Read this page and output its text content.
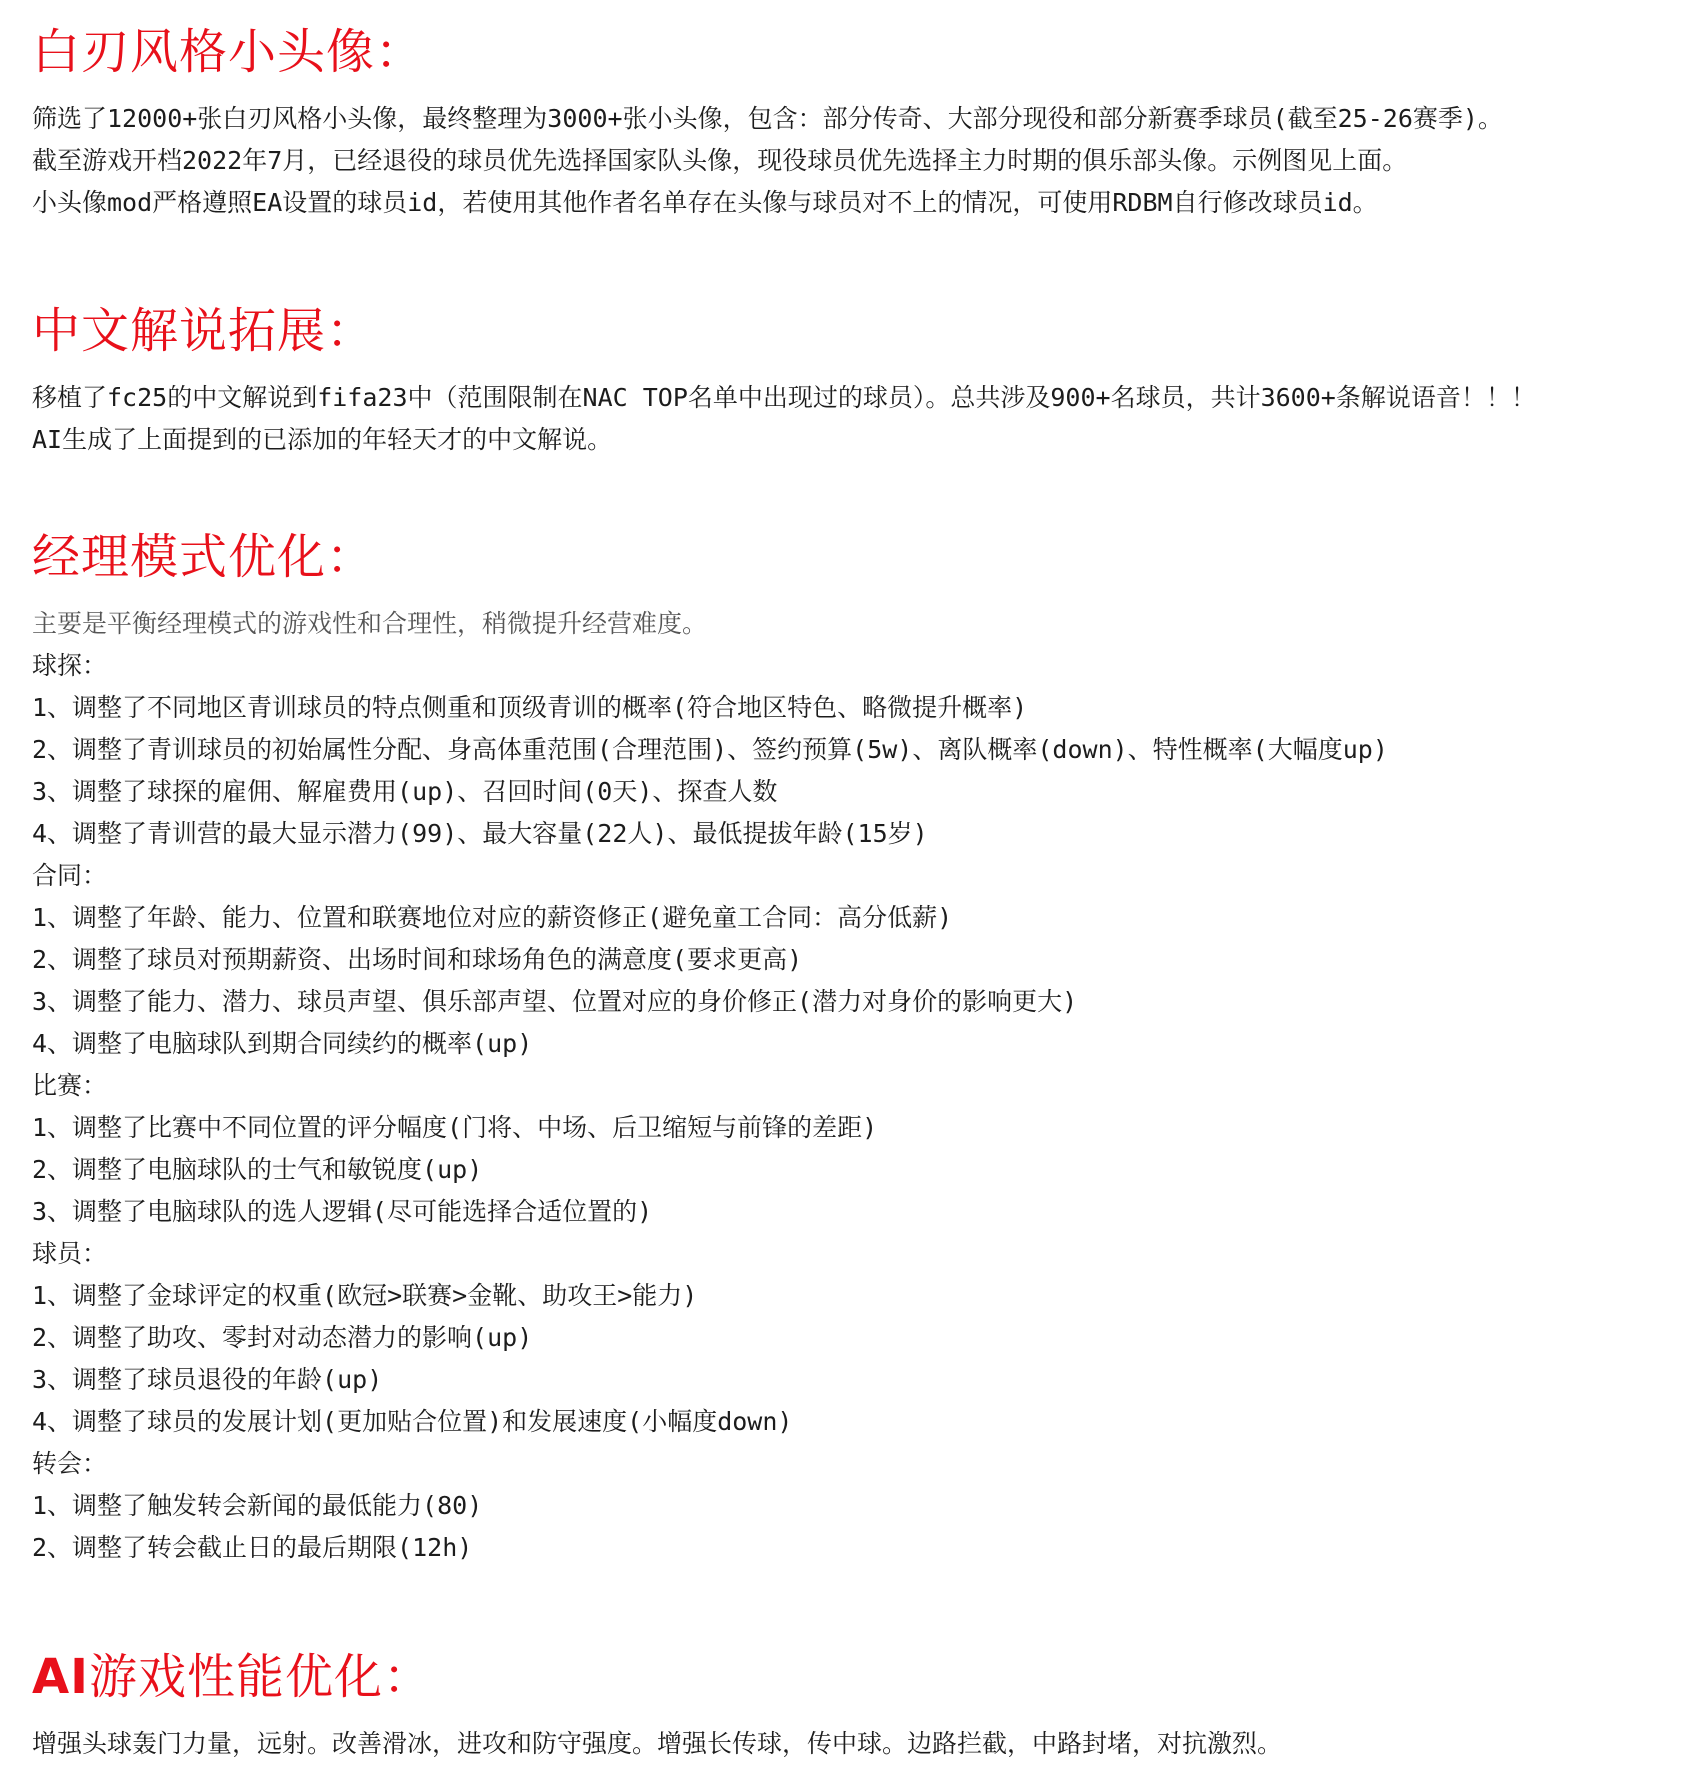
白刃风格小头像：
筛选了12000+张白刃风格小头像，最终整理为3000+张小头像，包含：部分传奇、大部分现役和部分新赛季球员(截至25-26赛季)。
截至游戏开档2022年7月，已经退役的球员优先选择国家队头像，现役球员优先选择主力时期的俱乐部头像。示例图见上面。
小头像mod严格遵照EA设置的球员id，若使用其他作者名单存在头像与球员对不上的情况，可使用RDBM自行修改球员id。
中文解说拓展：
移植了fc25的中文解说到fifa23中（范围限制在NAC TOP名单中出现过的球员）。总共涉及900+名球员，共计3600+条解说语音！！！
AI生成了上面提到的已添加的年轻天才的中文解说。
经理模式优化：
主要是平衡经理模式的游戏性和合理性，稍微提升经营难度。
球探：
1、调整了不同地区青训球员的特点侧重和顶级青训的概率(符合地区特色、略微提升概率)
2、调整了青训球员的初始属性分配、身高体重范围(合理范围)、签约预算(5w)、离队概率(down)、特性概率(大幅度up)
3、调整了球探的雇佣、解雇费用(up)、召回时间(0天)、探查人数
4、调整了青训营的最大显示潜力(99)、最大容量(22人)、最低提拔年龄(15岁)
合同：
1、调整了年龄、能力、位置和联赛地位对应的薪资修正(避免童工合同：高分低薪)
2、调整了球员对预期薪资、出场时间和球场角色的满意度(要求更高)
3、调整了能力、潜力、球员声望、俱乐部声望、位置对应的身价修正(潜力对身价的影响更大)
4、调整了电脑球队到期合同续约的概率(up)
比赛：
1、调整了比赛中不同位置的评分幅度(门将、中场、后卫缩短与前锋的差距)
2、调整了电脑球队的士气和敏锐度(up)
3、调整了电脑球队的选人逻辑(尽可能选择合适位置的)
球员：
1、调整了金球评定的权重(欧冠>联赛>金靴、助攻王>能力)
2、调整了助攻、零封对动态潜力的影响(up)
3、调整了球员退役的年龄(up)
4、调整了球员的发展计划(更加贴合位置)和发展速度(小幅度down)
转会：
1、调整了触发转会新闻的最低能力(80)
2、调整了转会截止日的最后期限(12h)
AI游戏性能优化：
增强头球轰门力量，远射。改善滑冰，进攻和防守强度。增强长传球，传中球。边路拦截，中路封堵，对抗激烈。
